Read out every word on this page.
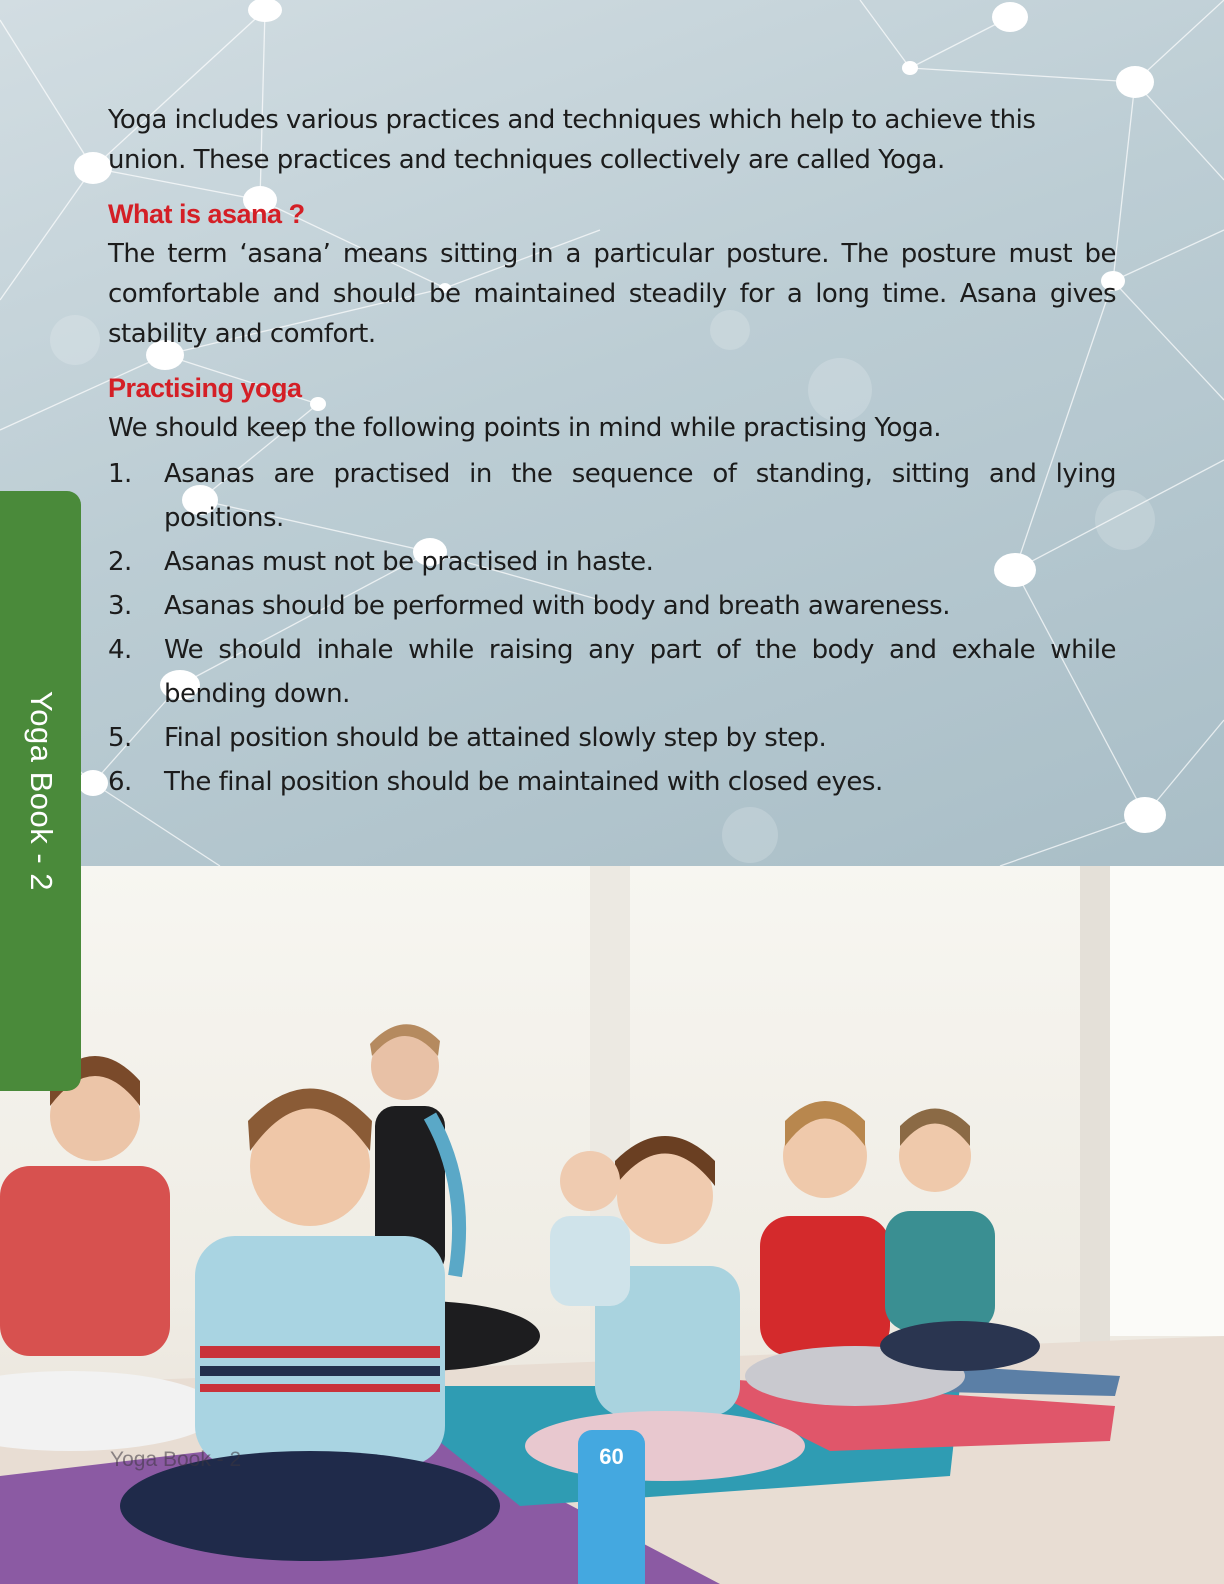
Yoga includes various practices and techniques which help to achieve this union. These practices and techniques collectively are called Yoga.

What is asana ?

The term ‘asana’ means sitting in a particular posture. The posture must be comfortable and should be maintained steadily for a long time. Asana gives stability and comfort.

Practising yoga

We should keep the following points in mind while practising Yoga.

1.	Asanas are practised in the sequence of standing, sitting and lying positions.
2.	Asanas must not be practised in haste.
3.	Asanas should be performed with body and breath awareness.
4.	We should inhale while raising any part of the body and exhale while bending down.
5.	Final position should be attained slowly step by step.
6.	The final position should be maintained with closed eyes.
Yoga Book - 2
Yoga Book - 2	60
